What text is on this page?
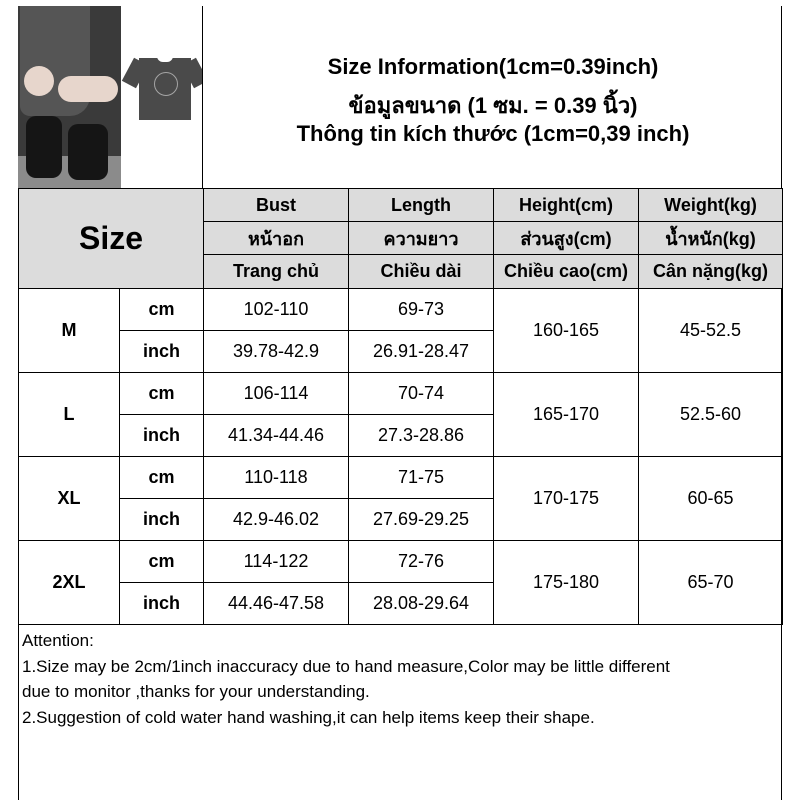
Size Information(1cm=0.39inch)
ข้อมูลขนาด (1 ซม. = 0.39 นิ้ว)
Thông tin kích thước (1cm=0,39 inch)
Size		Bust	Length	Height(cm)	Weight(kg)
		หน้าอก	ความยาว	ส่วนสูง(cm)	น้ำหนัก(kg)
		Trang chủ	Chiều dài	Chiều cao(cm)	Cân nặng(kg)
M	cm	102-110	69-73	160-165	45-52.5
	inch	39.78-42.9	26.91-28.47		
L	cm	106-114	70-74	165-170	52.5-60
	inch	41.34-44.46	27.3-28.86		
XL	cm	110-118	71-75	170-175	60-65
	inch	42.9-46.02	27.69-29.25		
2XL	cm	114-122	72-76	175-180	65-70
	inch	44.46-47.58	28.08-29.64		
Attention:
1.Size may be 2cm/1inch inaccuracy due to hand measure,Color may be little different
due to monitor ,thanks for your understanding.
2.Suggestion of cold water hand washing,it can help items keep their shape.
